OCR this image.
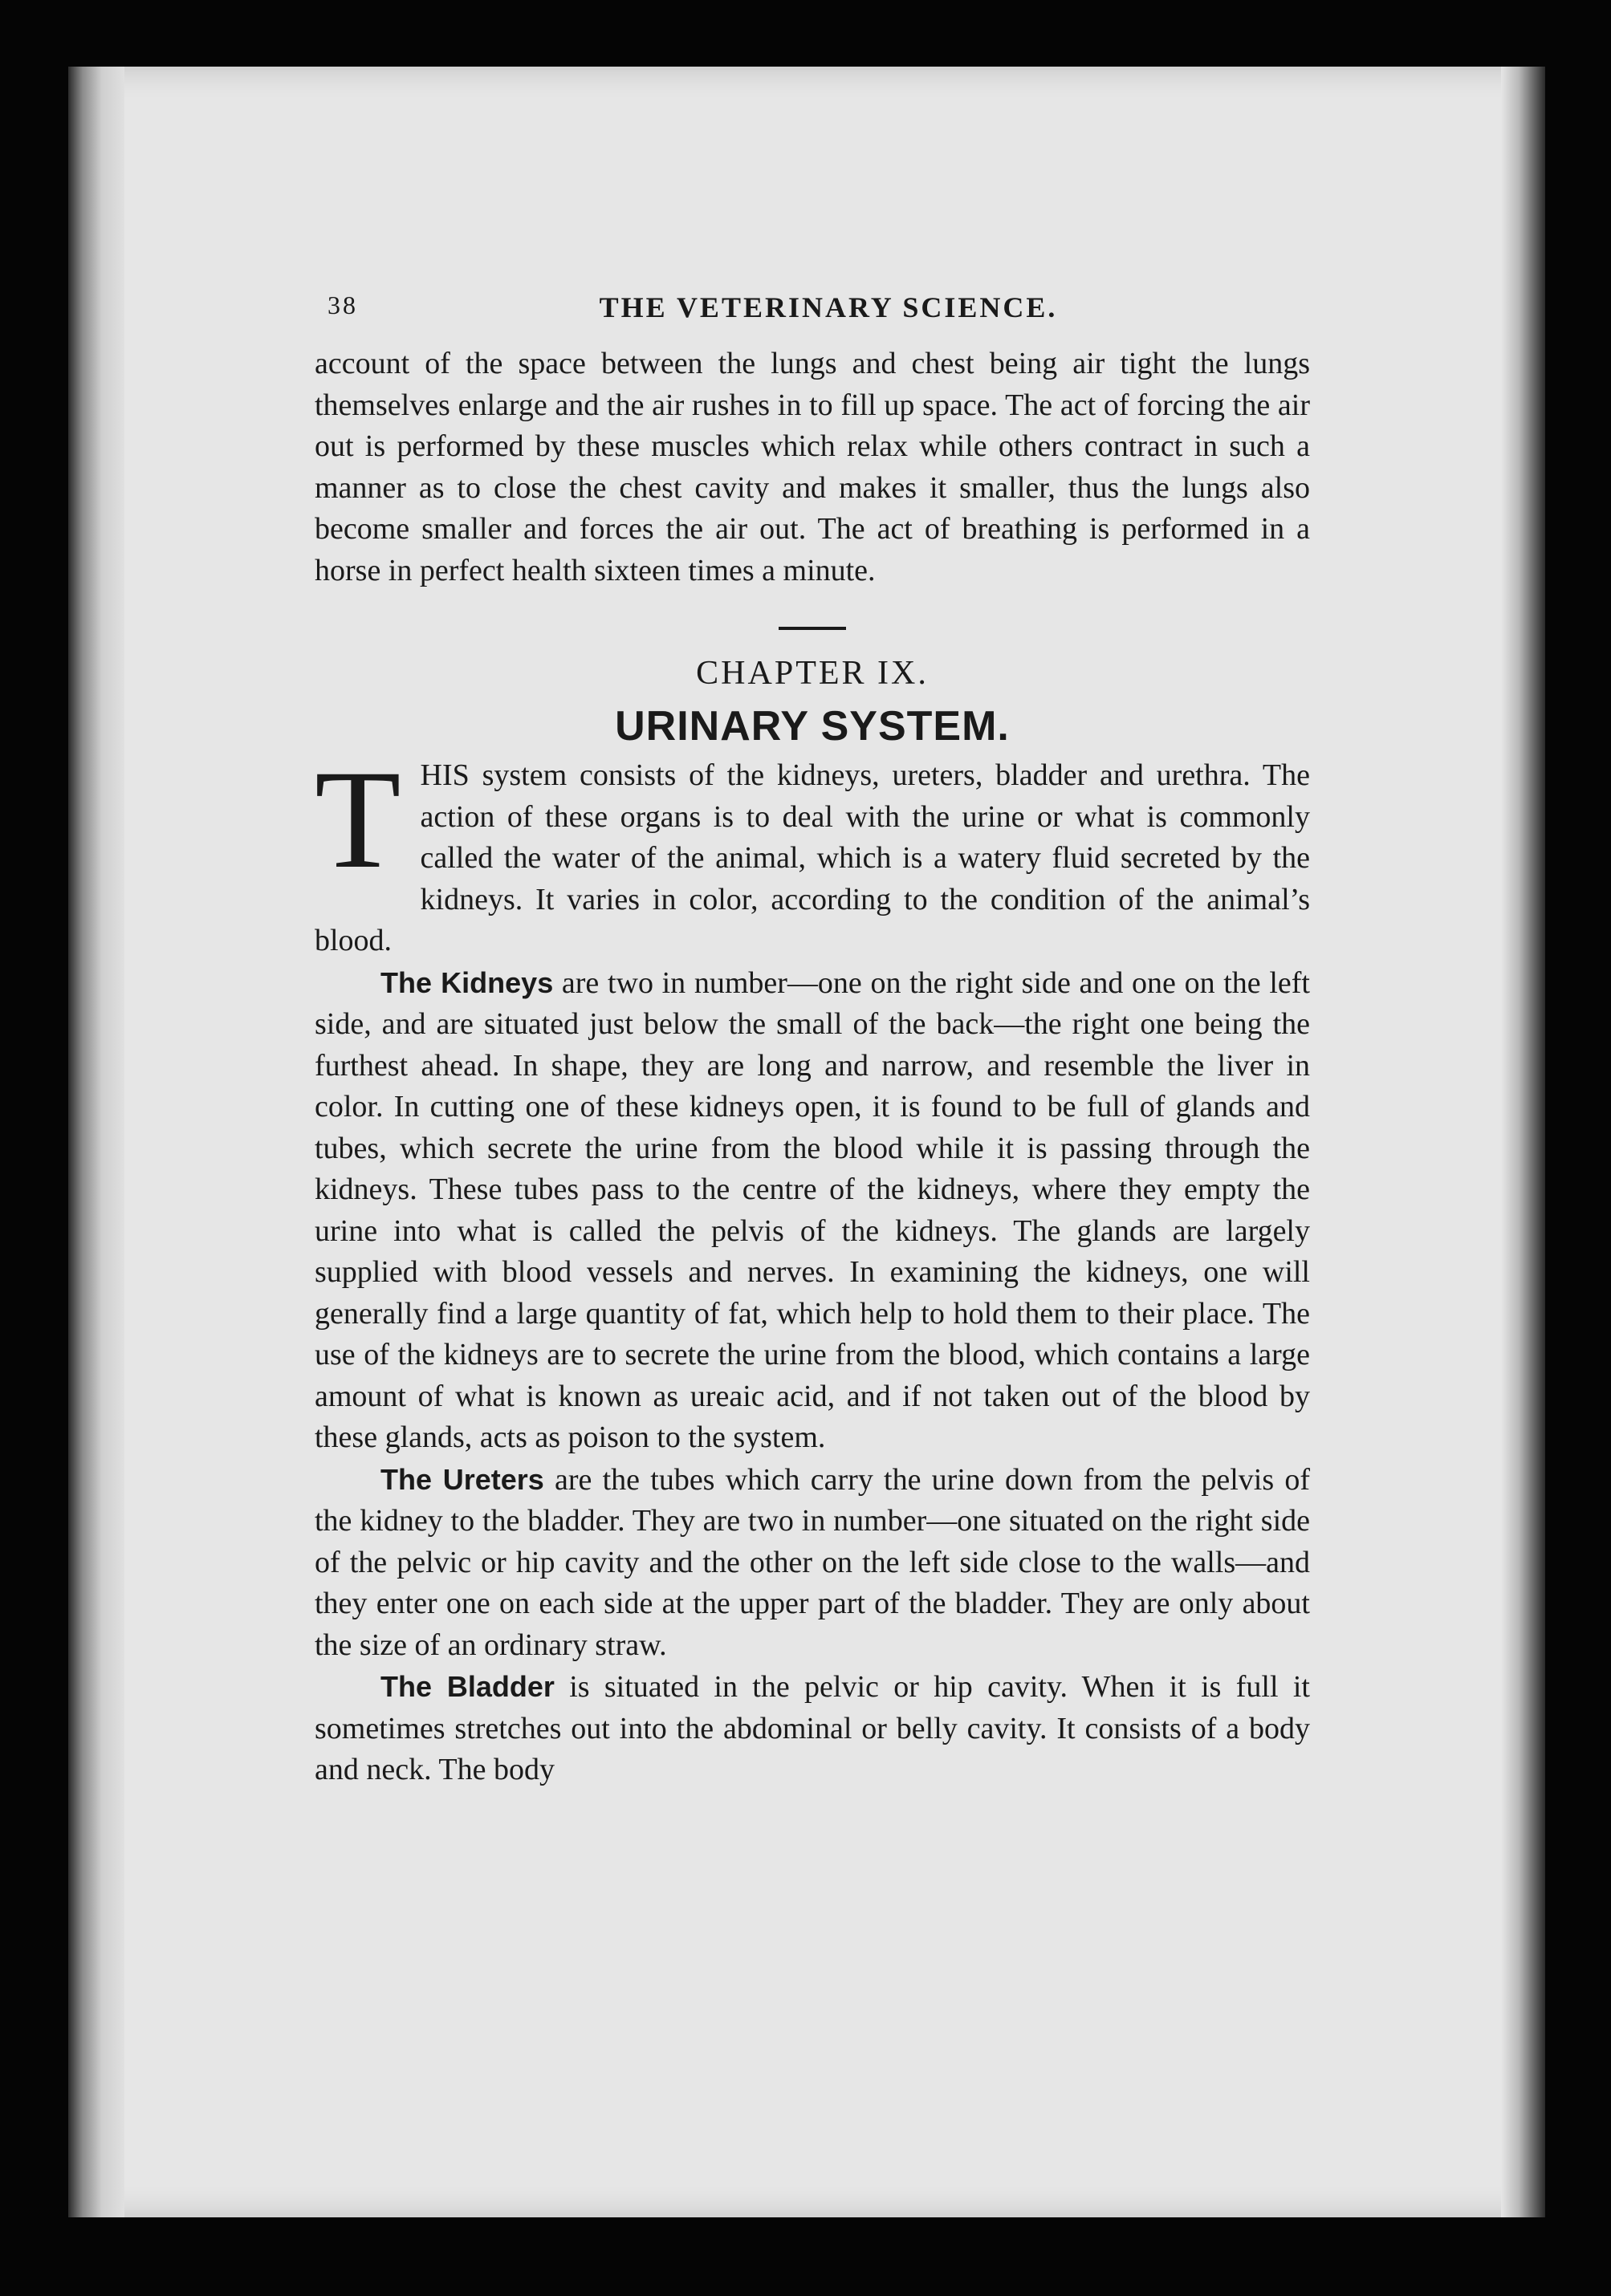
38	THE VETERINARY SCIENCE.

account of the space between the lungs and chest being air tight the lungs themselves enlarge and the air rushes in to fill up space. The act of forcing the air out is performed by these muscles which relax while others contract in such a manner as to close the chest cavity and makes it smaller, thus the lungs also become smaller and forces the air out. The act of breathing is performed in a horse in perfect health sixteen times a minute.

CHAPTER IX.

URINARY SYSTEM.

THIS system consists of the kidneys, ureters, bladder and urethra. The action of these organs is to deal with the urine or what is commonly called the water of the animal, which is a watery fluid secreted by the kidneys. It varies in color, according to the condition of the animal’s blood.

The Kidneys are two in number—one on the right side and one on the left side, and are situated just below the small of the back—the right one being the furthest ahead. In shape, they are long and narrow, and resemble the liver in color. In cutting one of these kidneys open, it is found to be full of glands and tubes, which secrete the urine from the blood while it is passing through the kidneys. These tubes pass to the centre of the kidneys, where they empty the urine into what is called the pelvis of the kidneys. The glands are largely supplied with blood vessels and nerves. In examining the kidneys, one will generally find a large quantity of fat, which help to hold them to their place. The use of the kidneys are to secrete the urine from the blood, which contains a large amount of what is known as ureaic acid, and if not taken out of the blood by these glands, acts as poison to the system.

The Ureters are the tubes which carry the urine down from the pelvis of the kidney to the bladder. They are two in number—one situated on the right side of the pelvic or hip cavity and the other on the left side close to the walls—and they enter one on each side at the upper part of the bladder. They are only about the size of an ordinary straw.

The Bladder is situated in the pelvic or hip cavity. When it is full it sometimes stretches out into the abdominal or belly cavity. It consists of a body and neck. The body
